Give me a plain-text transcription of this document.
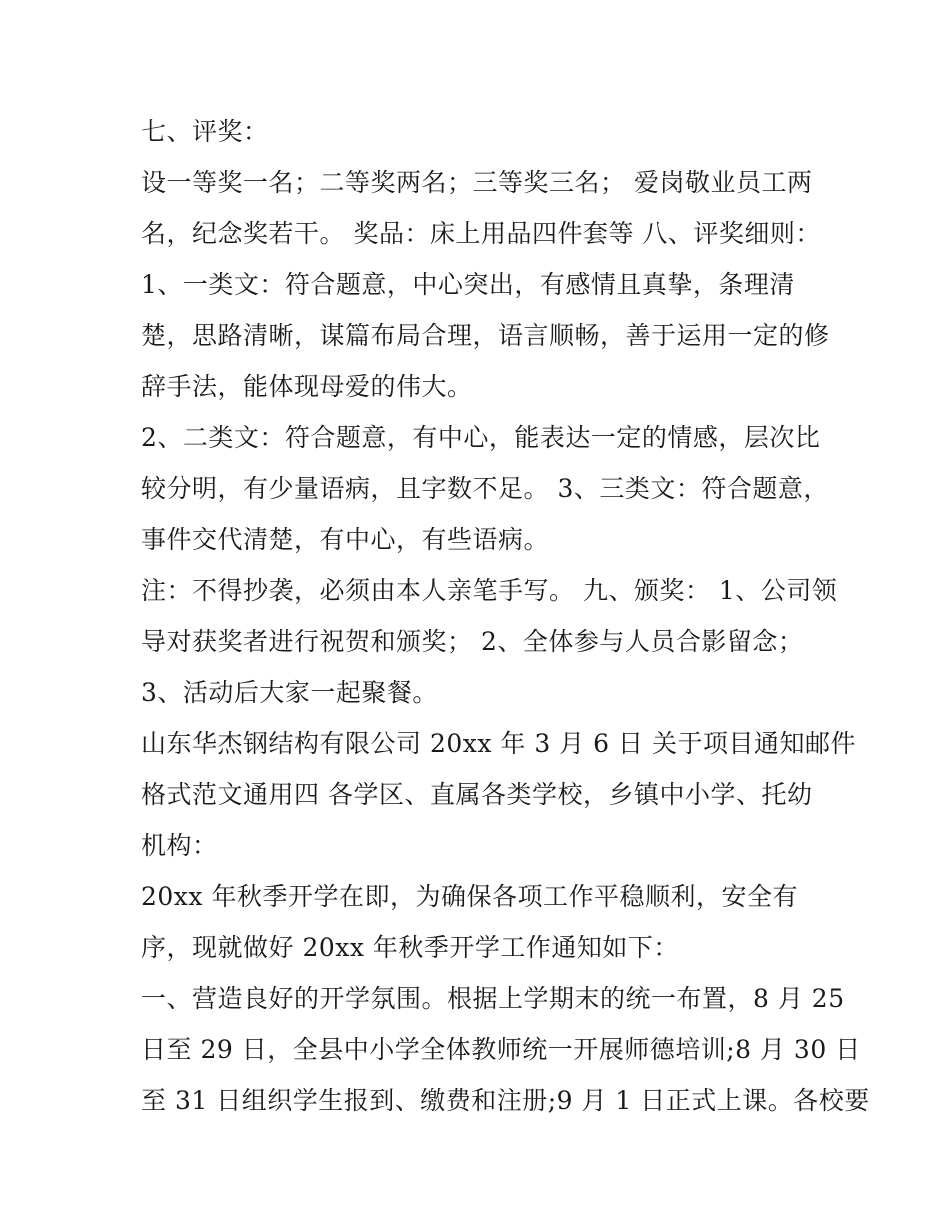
七、评奖：
设一等奖一名；二等奖两名；三等奖三名； 爱岗敬业员工两
名，纪念奖若干。 奖品：床上用品四件套等 八、评奖细则：
1、一类文：符合题意，中心突出，有感情且真挚，条理清
楚，思路清晰，谋篇布局合理，语言顺畅，善于运用一定的修
辞手法，能体现母爱的伟大。
2、二类文：符合题意，有中心，能表达一定的情感，层次比
较分明，有少量语病，且字数不足。 3、三类文：符合题意，
事件交代清楚，有中心，有些语病。
注：不得抄袭，必须由本人亲笔手写。 九、颁奖： 1、公司领
导对获奖者进行祝贺和颁奖； 2、全体参与人员合影留念；
3、活动后大家一起聚餐。
山东华杰钢结构有限公司 20xx 年 3 月 6 日 关于项目通知邮件
格式范文通用四 各学区、直属各类学校，乡镇中小学、托幼
机构：
20xx 年秋季开学在即，为确保各项工作平稳顺利，安全有
序，现就做好 20xx 年秋季开学工作通知如下：
一、营造良好的开学氛围。根据上学期末的统一布置，8 月 25
日至 29 日，全县中小学全体教师统一开展师德培训;8 月 30 日
至 31 日组织学生报到、缴费和注册;9 月 1 日正式上课。各校要
